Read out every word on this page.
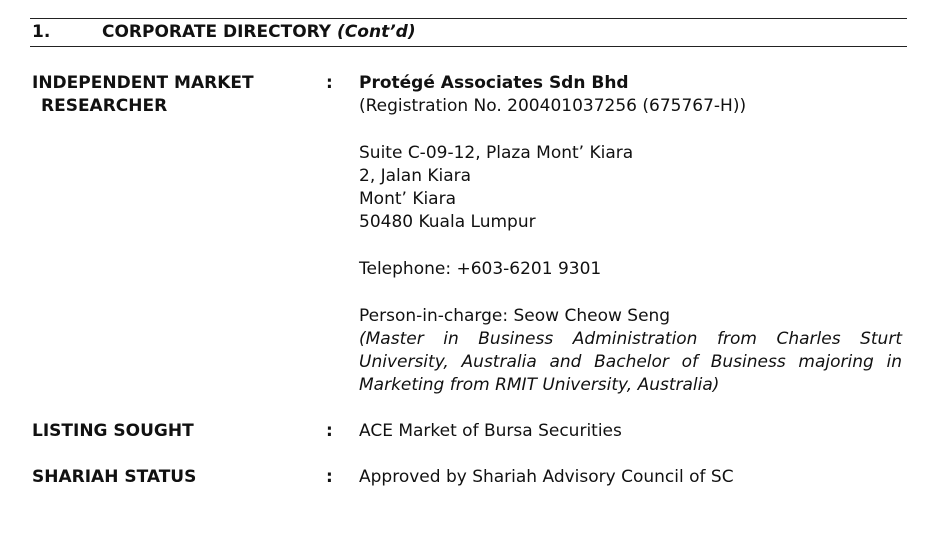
1.	CORPORATE DIRECTORY (Cont’d)
INDEPENDENT MARKET
RESEARCHER
: Protégé Associates Sdn Bhd
(Registration No. 200401037256 (675767-H))
Suite C-09-12, Plaza Mont’ Kiara
2, Jalan Kiara
Mont’ Kiara
50480 Kuala Lumpur
Telephone: +603-6201 9301
Person-in-charge: Seow Cheow Seng
(Master in Business Administration from Charles Sturt University, Australia and Bachelor of Business majoring in Marketing from RMIT University, Australia)
LISTING SOUGHT	: ACE Market of Bursa Securities
SHARIAH STATUS	: Approved by Shariah Advisory Council of SC
